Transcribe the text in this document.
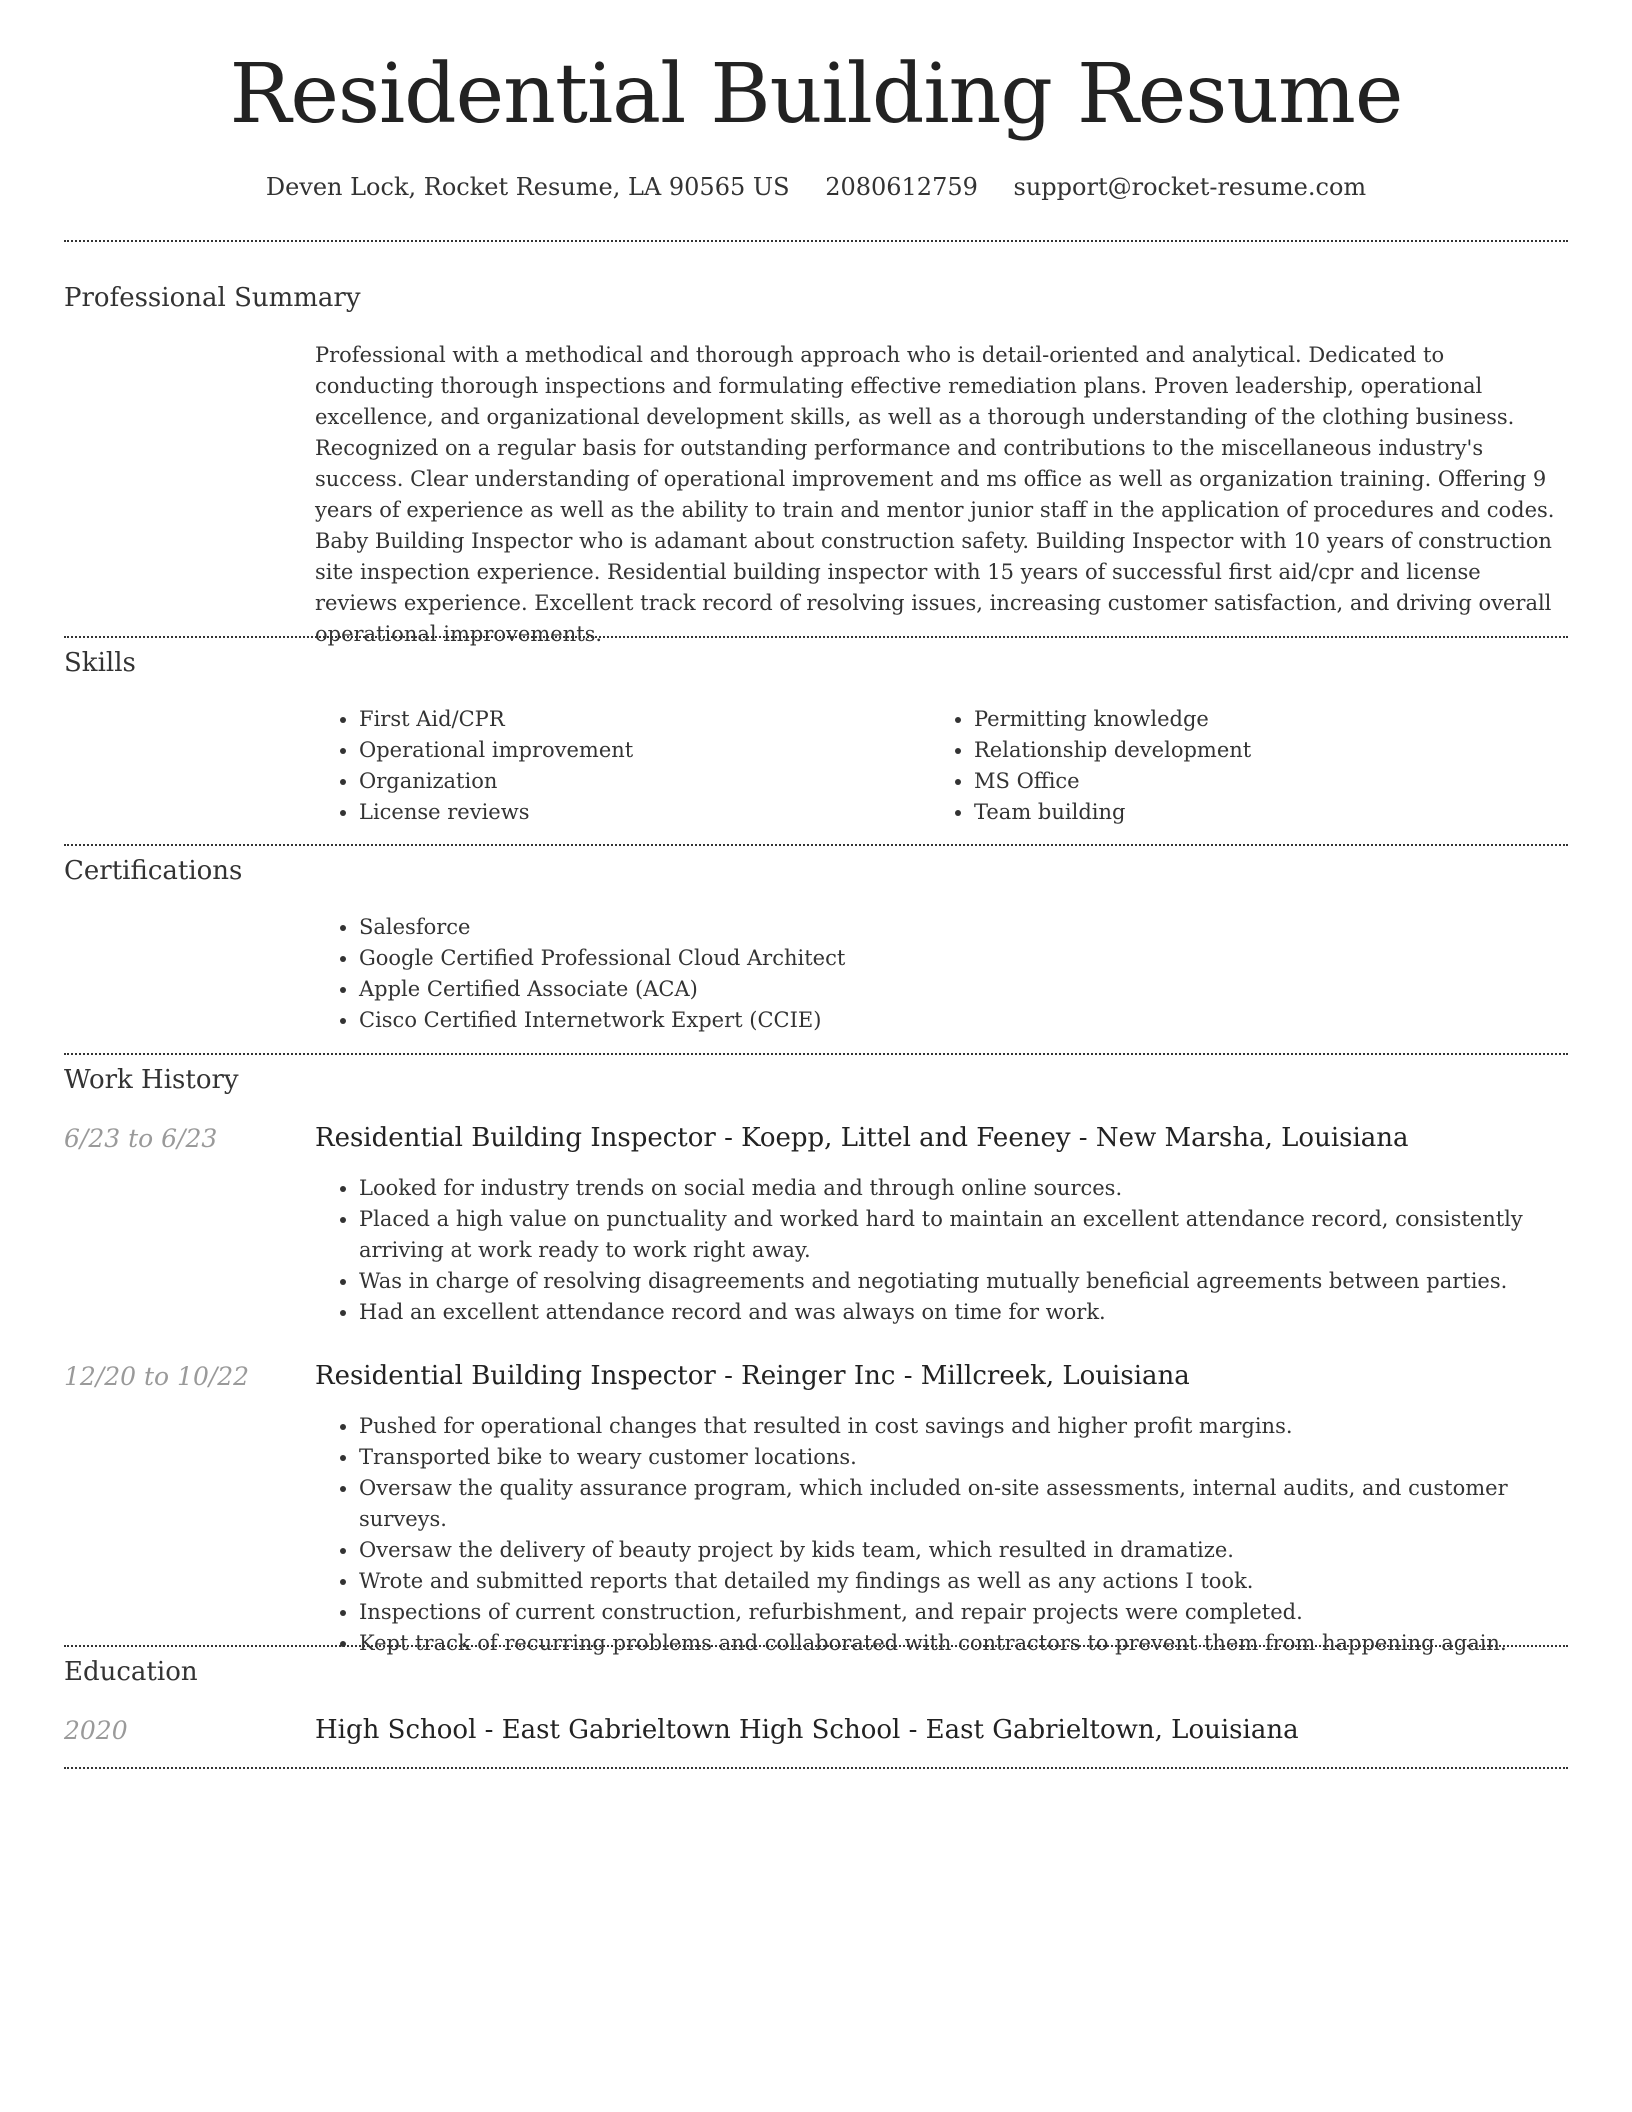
Residential Building Resume
Deven Lock, Rocket Resume, LA 90565 US 2080612759 support@rocket-resume.com
Professional Summary

Professional with a methodical and thorough approach who is detail-oriented and analytical. Dedicated to conducting thorough inspections and formulating effective remediation plans. Proven leadership, operational excellence, and organizational development skills, as well as a thorough understanding of the clothing business. Recognized on a regular basis for outstanding performance and contributions to the miscellaneous industry's success. Clear understanding of operational improvement and ms office as well as organization training. Offering 9 years of experience as well as the ability to train and mentor junior staff in the application of procedures and codes. Baby Building Inspector who is adamant about construction safety. Building Inspector with 10 years of construction site inspection experience. Residential building inspector with 15 years of successful first aid/cpr and license reviews experience. Excellent track record of resolving issues, increasing customer satisfaction, and driving overall operational improvements.

Skills
• First Aid/CPR
• Operational improvement
• Organization
• License reviews
• Permitting knowledge
• Relationship development
• MS Office
• Team building
Certifications
• Salesforce
• Google Certified Professional Cloud Architect
• Apple Certified Associate (ACA)
• Cisco Certified Internetwork Expert (CCIE)
Work History
6/23 to 6/23	Residential Building Inspector - Koepp, Littel and Feeney - New Marsha, Louisiana
• Looked for industry trends on social media and through online sources.
• Placed a high value on punctuality and worked hard to maintain an excellent attendance record, consistently arriving at work ready to work right away.
• Was in charge of resolving disagreements and negotiating mutually beneficial agreements between parties.
• Had an excellent attendance record and was always on time for work.
12/20 to 10/22	Residential Building Inspector - Reinger Inc - Millcreek, Louisiana
• Pushed for operational changes that resulted in cost savings and higher profit margins.
• Transported bike to weary customer locations.
• Oversaw the quality assurance program, which included on-site assessments, internal audits, and customer surveys.
• Oversaw the delivery of beauty project by kids team, which resulted in dramatize.
• Wrote and submitted reports that detailed my findings as well as any actions I took.
• Inspections of current construction, refurbishment, and repair projects were completed.
• Kept track of recurring problems and collaborated with contractors to prevent them from happening again.
Education
2020	High School - East Gabrieltown High School - East Gabrieltown, Louisiana
